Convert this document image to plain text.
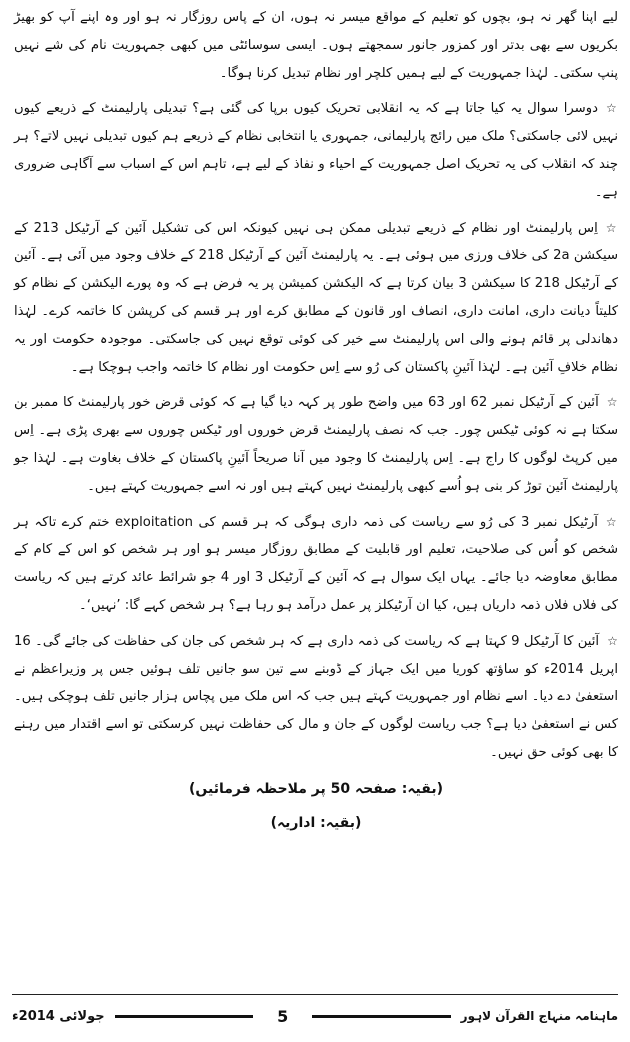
لیے اپنا گھر نہ ہو، بچوں کو تعلیم کے مواقع میسر نہ ہوں، ان کے پاس روزگار نہ ہو اور وہ اپنے آپ کو بھیڑ بکریوں سے بھی بدتر اور کمزور جانور سمجھتے ہوں۔ ایسی سوسائٹی میں کبھی جمہوریت نام کی شے نہیں پنپ سکتی۔ لہٰذا جمہوریت کے لیے ہمیں کلچر اور نظام تبدیل کرنا ہوگا۔

☆دوسرا سوال یہ کیا جاتا ہے کہ یہ انقلابی تحریک کیوں برپا کی گئی ہے؟ تبدیلی پارلیمنٹ کے ذریعے کیوں نہیں لائی جاسکتی؟ ملک میں رائج پارلیمانی، جمہوری یا انتخابی نظام کے ذریعے ہم کیوں تبدیلی نہیں لاتے؟ ہر چند کہ انقلاب کی یہ تحریک اصل جمہوریت کے احیاء و نفاذ کے لیے ہے، تاہم اس کے اسباب سے آگاہی ضروری ہے۔

☆اِس پارلیمنٹ اور نظام کے ذریعے تبدیلی ممکن ہی نہیں کیونکہ اس کی تشکیل آئین کے آرٹیکل 213 کے سیکشن 2a کی خلاف ورزی میں ہوئی ہے۔ یہ پارلیمنٹ آئین کے آرٹیکل 218 کے خلاف وجود میں آئی ہے۔ آئین کے آرٹیکل 218 کا سیکشن 3 بیان کرتا ہے کہ الیکشن کمیشن پر یہ فرض ہے کہ وہ پورے الیکشن کے نظام کو کلیتاً دیانت داری، امانت داری، انصاف اور قانون کے مطابق کرے اور ہر قسم کی کرپشن کا خاتمہ کرے۔ لہٰذا دھاندلی پر قائم ہونے والی اس پارلیمنٹ سے خیر کی کوئی توقع نہیں کی جاسکتی۔ موجودہ حکومت اور یہ نظام خلافِ آئین ہے۔ لہٰذا آئینِ پاکستان کی رُو سے اِس حکومت اور نظام کا خاتمہ واجب ہوچکا ہے۔

☆آئین کے آرٹیکل نمبر 62 اور 63 میں واضح طور پر کہہ دیا گیا ہے کہ کوئی قرض خور پارلیمنٹ کا ممبر بن سکتا ہے نہ کوئی ٹیکس چور۔ جب کہ نصف پارلیمنٹ قرض خوروں اور ٹیکس چوروں سے بھری پڑی ہے۔ اِس میں کرپٹ لوگوں کا راج ہے۔ اِس پارلیمنٹ کا وجود میں آنا صریحاً آئینِ پاکستان کے خلاف بغاوت ہے۔ لہٰذا جو پارلیمنٹ آئین توڑ کر بنی ہو اُسے کبھی پارلیمنٹ نہیں کہتے ہیں اور نہ اسے جمہوریت کہتے ہیں۔

☆آرٹیکل نمبر 3 کی رُو سے ریاست کی ذمہ داری ہوگی کہ ہر قسم کی exploitation ختم کرے تاکہ ہر شخص کو اُس کی صلاحیت، تعلیم اور قابلیت کے مطابق روزگار میسر ہو اور ہر شخص کو اس کے کام کے مطابق معاوضہ دیا جائے۔ یہاں ایک سوال ہے کہ آئین کے آرٹیکل 3 اور 4 جو شرائط عائد کرتے ہیں کہ ریاست کی فلاں فلاں ذمہ داریاں ہیں، کیا ان آرٹیکلز پر عمل درآمد ہو رہا ہے؟ ہر شخص کہے گا: ’نہیں‘۔

☆آئین کا آرٹیکل 9 کہتا ہے کہ ریاست کی ذمہ داری ہے کہ ہر شخص کی جان کی حفاظت کی جائے گی۔ 16 اپریل 2014ء کو ساؤتھ کوریا میں ایک جہاز کے ڈوبنے سے تین سو جانیں تلف ہوئیں جس پر وزیراعظم نے استعفیٰ دے دیا۔ اسے نظام اور جمہوریت کہتے ہیں جب کہ اس ملک میں پچاس ہزار جانیں تلف ہوچکی ہیں۔ کس نے استعفیٰ دیا ہے؟ جب ریاست لوگوں کے جان و مال کی حفاظت نہیں کرسکتی تو اسے اقتدار میں رہنے کا بھی کوئی حق نہیں۔

(بقیہ: صفحہ 50 پر ملاحظہ فرمائیں)
(بقیہ: اداریہ)
جولائی 2014ء	5	ماہنامہ منہاج القرآن لاہور
